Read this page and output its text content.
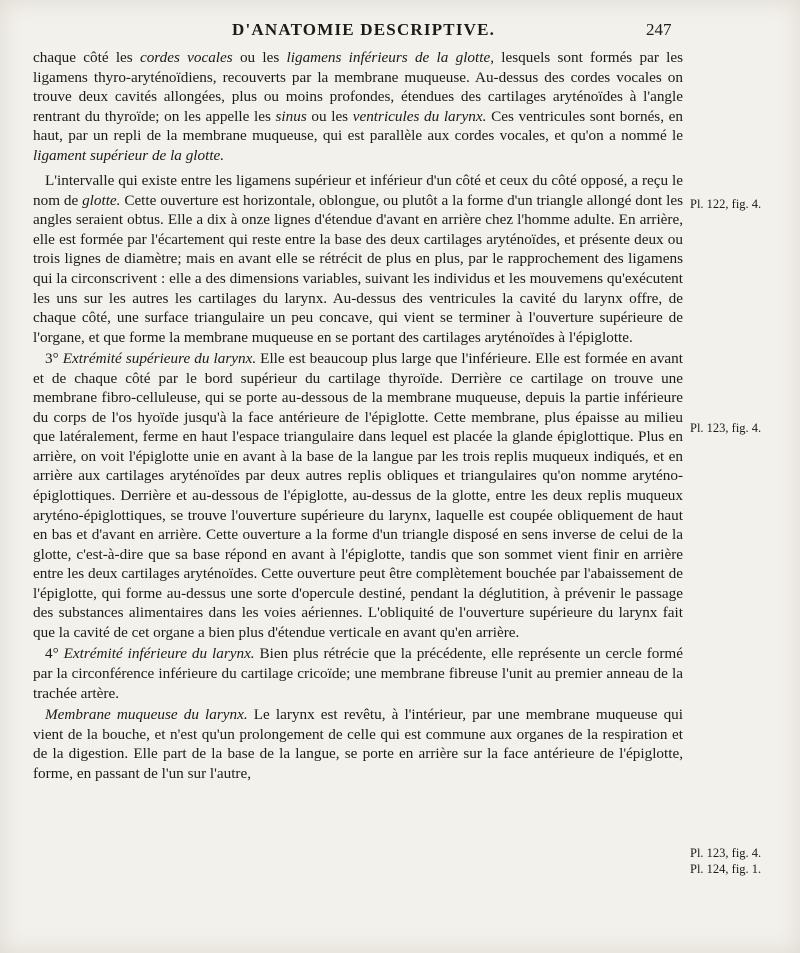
D'ANATOMIE DESCRIPTIVE.	247

chaque côté les cordes vocales ou les ligamens inférieurs de la glotte, lesquels sont formés par les ligamens thyro-aryténoïdiens, recouverts par la membrane muqueuse. Au-dessus des cordes vocales on trouve deux cavités allongées, plus ou moins profondes, étendues des cartilages aryténoïdes à l'angle rentrant du thyroïde; on les appelle les sinus ou les ventricules du larynx. Ces ventricules sont bornés, en haut, par un repli de la membrane muqueuse, qui est parallèle aux cordes vocales, et qu'on a nommé le ligament supérieur de la glotte.

L'intervalle qui existe entre les ligamens supérieur et inférieur d'un côté et ceux du côté opposé, a reçu le nom de glotte. Cette ouverture est horizontale, oblongue, ou plutôt a la forme d'un triangle allongé dont les angles seraient obtus. Elle a dix à onze lignes d'étendue d'avant en arrière chez l'homme adulte. En arrière, elle est formée par l'écartement qui reste entre la base des deux cartilages aryténoïdes, et présente deux ou trois lignes de diamètre; mais en avant elle se rétrécit de plus en plus, par le rapprochement des ligamens qui la circonscrivent : elle a des dimensions variables, suivant les individus et les mouvemens qu'exécutent les uns sur les autres les cartilages du larynx. Au-dessus des ventricules la cavité du larynx offre, de chaque côté, une surface triangulaire un peu concave, qui vient se terminer à l'ouverture supérieure de l'organe, et que forme la membrane muqueuse en se portant des cartilages aryténoïdes à l'épiglotte.

3° Extrémité supérieure du larynx. Elle est beaucoup plus large que l'inférieure. Elle est formée en avant et de chaque côté par le bord supérieur du cartilage thyroïde. Derrière ce cartilage on trouve une membrane fibro-celluleuse, qui se porte au-dessous de la membrane muqueuse, depuis la partie inférieure du corps de l'os hyoïde jusqu'à la face antérieure de l'épiglotte. Cette membrane, plus épaisse au milieu que latéralement, ferme en haut l'espace triangulaire dans lequel est placée la glande épiglottique. Plus en arrière, on voit l'épiglotte unie en avant à la base de la langue par les trois replis muqueux indiqués, et en arrière aux cartilages aryténoïdes par deux autres replis obliques et triangulaires qu'on nomme aryténo-épiglottiques. Derrière et au-dessous de l'épiglotte, au-dessus de la glotte, entre les deux replis muqueux aryténo-épiglottiques, se trouve l'ouverture supérieure du larynx, laquelle est coupée obliquement de haut en bas et d'avant en arrière. Cette ouverture a la forme d'un triangle disposé en sens inverse de celui de la glotte, c'est-à-dire que sa base répond en avant à l'épiglotte, tandis que son sommet vient finir en arrière entre les deux cartilages aryténoïdes. Cette ouverture peut être complètement bouchée par l'abaissement de l'épiglotte, qui forme au-dessus une sorte d'opercule destiné, pendant la déglutition, à prévenir le passage des substances alimentaires dans les voies aériennes. L'obliquité de l'ouverture supérieure du larynx fait que la cavité de cet organe a bien plus d'étendue verticale en avant qu'en arrière.

4° Extrémité inférieure du larynx. Bien plus rétrécie que la précédente, elle représente un cercle formé par la circonférence inférieure du cartilage cricoïde; une membrane fibreuse l'unit au premier anneau de la trachée artère.

Membrane muqueuse du larynx. Le larynx est revêtu, à l'intérieur, par une membrane muqueuse qui vient de la bouche, et n'est qu'un prolongement de celle qui est commune aux organes de la respiration et de la digestion. Elle part de la base de la langue, se porte en arrière sur la face antérieure de l'épiglotte, forme, en passant de l'un sur l'autre,

Pl. 122, fig. 4.
Pl. 123, fig. 4.
Pl. 123, fig. 4.
Pl. 124, fig. 1.
